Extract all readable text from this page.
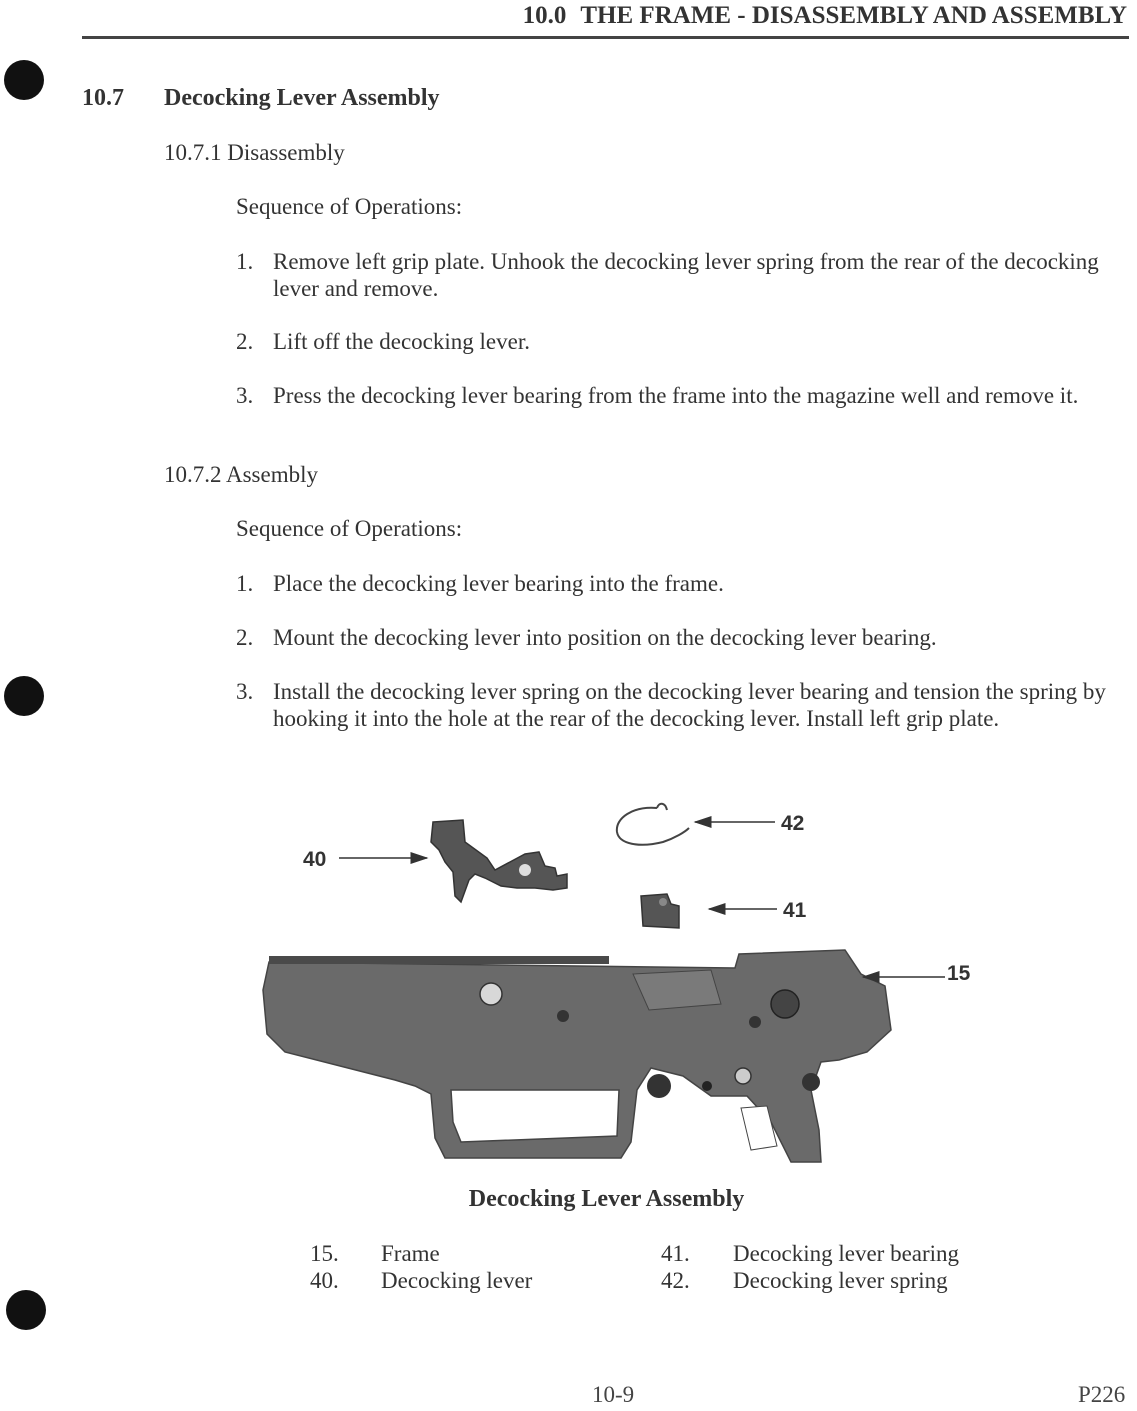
10.0 THE FRAME - DISASSEMBLY AND ASSEMBLY
10.7 Decocking Lever Assembly
10.7.1 Disassembly
Sequence of Operations:
1. Remove left grip plate. Unhook the decocking lever spring from the rear of the decocking lever and remove.
2. Lift off the decocking lever.
3. Press the decocking lever bearing from the frame into the magazine well and remove it.
10.7.2 Assembly
Sequence of Operations:
1. Place the decocking lever bearing into the frame.
2. Mount the decocking lever into position on the decocking lever bearing.
3. Install the decocking lever spring on the decocking lever bearing and tension the spring by hooking it into the hole at the rear of the decocking lever. Install left grip plate.
40
42
41
15
Decocking Lever Assembly
15. Frame
40. Decocking lever
41. Decocking lever bearing
42. Decocking lever spring
10-9	P226
